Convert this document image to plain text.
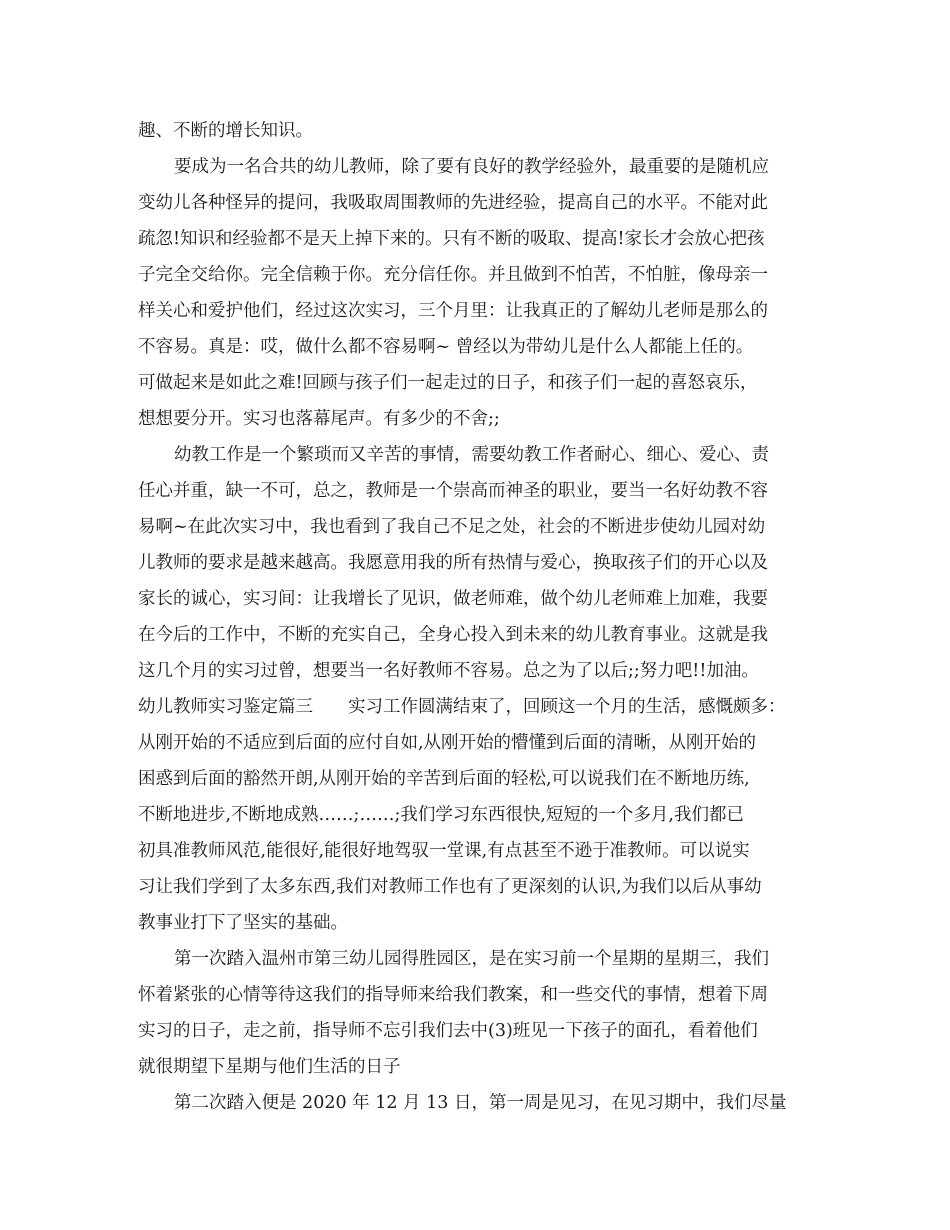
趣、不断的增长知识。
要成为一名合共的幼儿教师，除了要有良好的教学经验外，最重要的是随机应
变幼儿各种怪异的提问，我吸取周围教师的先进经验，提高自己的水平。不能对此
疏忽!知识和经验都不是天上掉下来的。只有不断的吸取、提高!家长才会放心把孩
子完全交给你。完全信赖于你。充分信任你。并且做到不怕苦，不怕脏，像母亲一
样关心和爱护他们，经过这次实习，三个月里：让我真正的了解幼儿老师是那么的
不容易。真是：哎，做什么都不容易啊~ 曾经以为带幼儿是什么人都能上任的。
可做起来是如此之难!回顾与孩子们一起走过的日子，和孩子们一起的喜怒哀乐，
想想要分开。实习也落幕尾声。有多少的不舍;;
幼教工作是一个繁琐而又辛苦的事情，需要幼教工作者耐心、细心、爱心、责
任心并重，缺一不可，总之，教师是一个崇高而神圣的职业，要当一名好幼教不容
易啊~在此次实习中，我也看到了我自己不足之处，社会的不断进步使幼儿园对幼
儿教师的要求是越来越高。我愿意用我的所有热情与爱心，换取孩子们的开心以及
家长的诚心，实习间：让我增长了见识，做老师难，做个幼儿老师难上加难，我要
在今后的工作中，不断的充实自己，全身心投入到未来的幼儿教育事业。这就是我
这几个月的实习过曾，想要当一名好教师不容易。总之为了以后;;努力吧!!加油。
幼儿教师实习鉴定篇三　　实习工作圆满结束了，回顾这一个月的生活，感慨颇多：
从刚开始的不适应到后面的应付自如,从刚开始的懵懂到后面的清晰，从刚开始的
困惑到后面的豁然开朗,从刚开始的辛苦到后面的轻松,可以说我们在不断地历练,
不断地进步,不断地成熟……;……;我们学习东西很快,短短的一个多月,我们都已
初具准教师风范,能很好,能很好地驾驭一堂课,有点甚至不逊于准教师。可以说实
习让我们学到了太多东西,我们对教师工作也有了更深刻的认识,为我们以后从事幼
教事业打下了坚实的基础。
第一次踏入温州市第三幼儿园得胜园区，是在实习前一个星期的星期三，我们
怀着紧张的心情等待这我们的指导师来给我们教案，和一些交代的事情，想着下周
实习的日子，走之前，指导师不忘引我们去中(3)班见一下孩子的面孔，看着他们
就很期望下星期与他们生活的日子
第二次踏入便是 2020 年 12 月 13 日，第一周是见习，在见习期中，我们尽量
